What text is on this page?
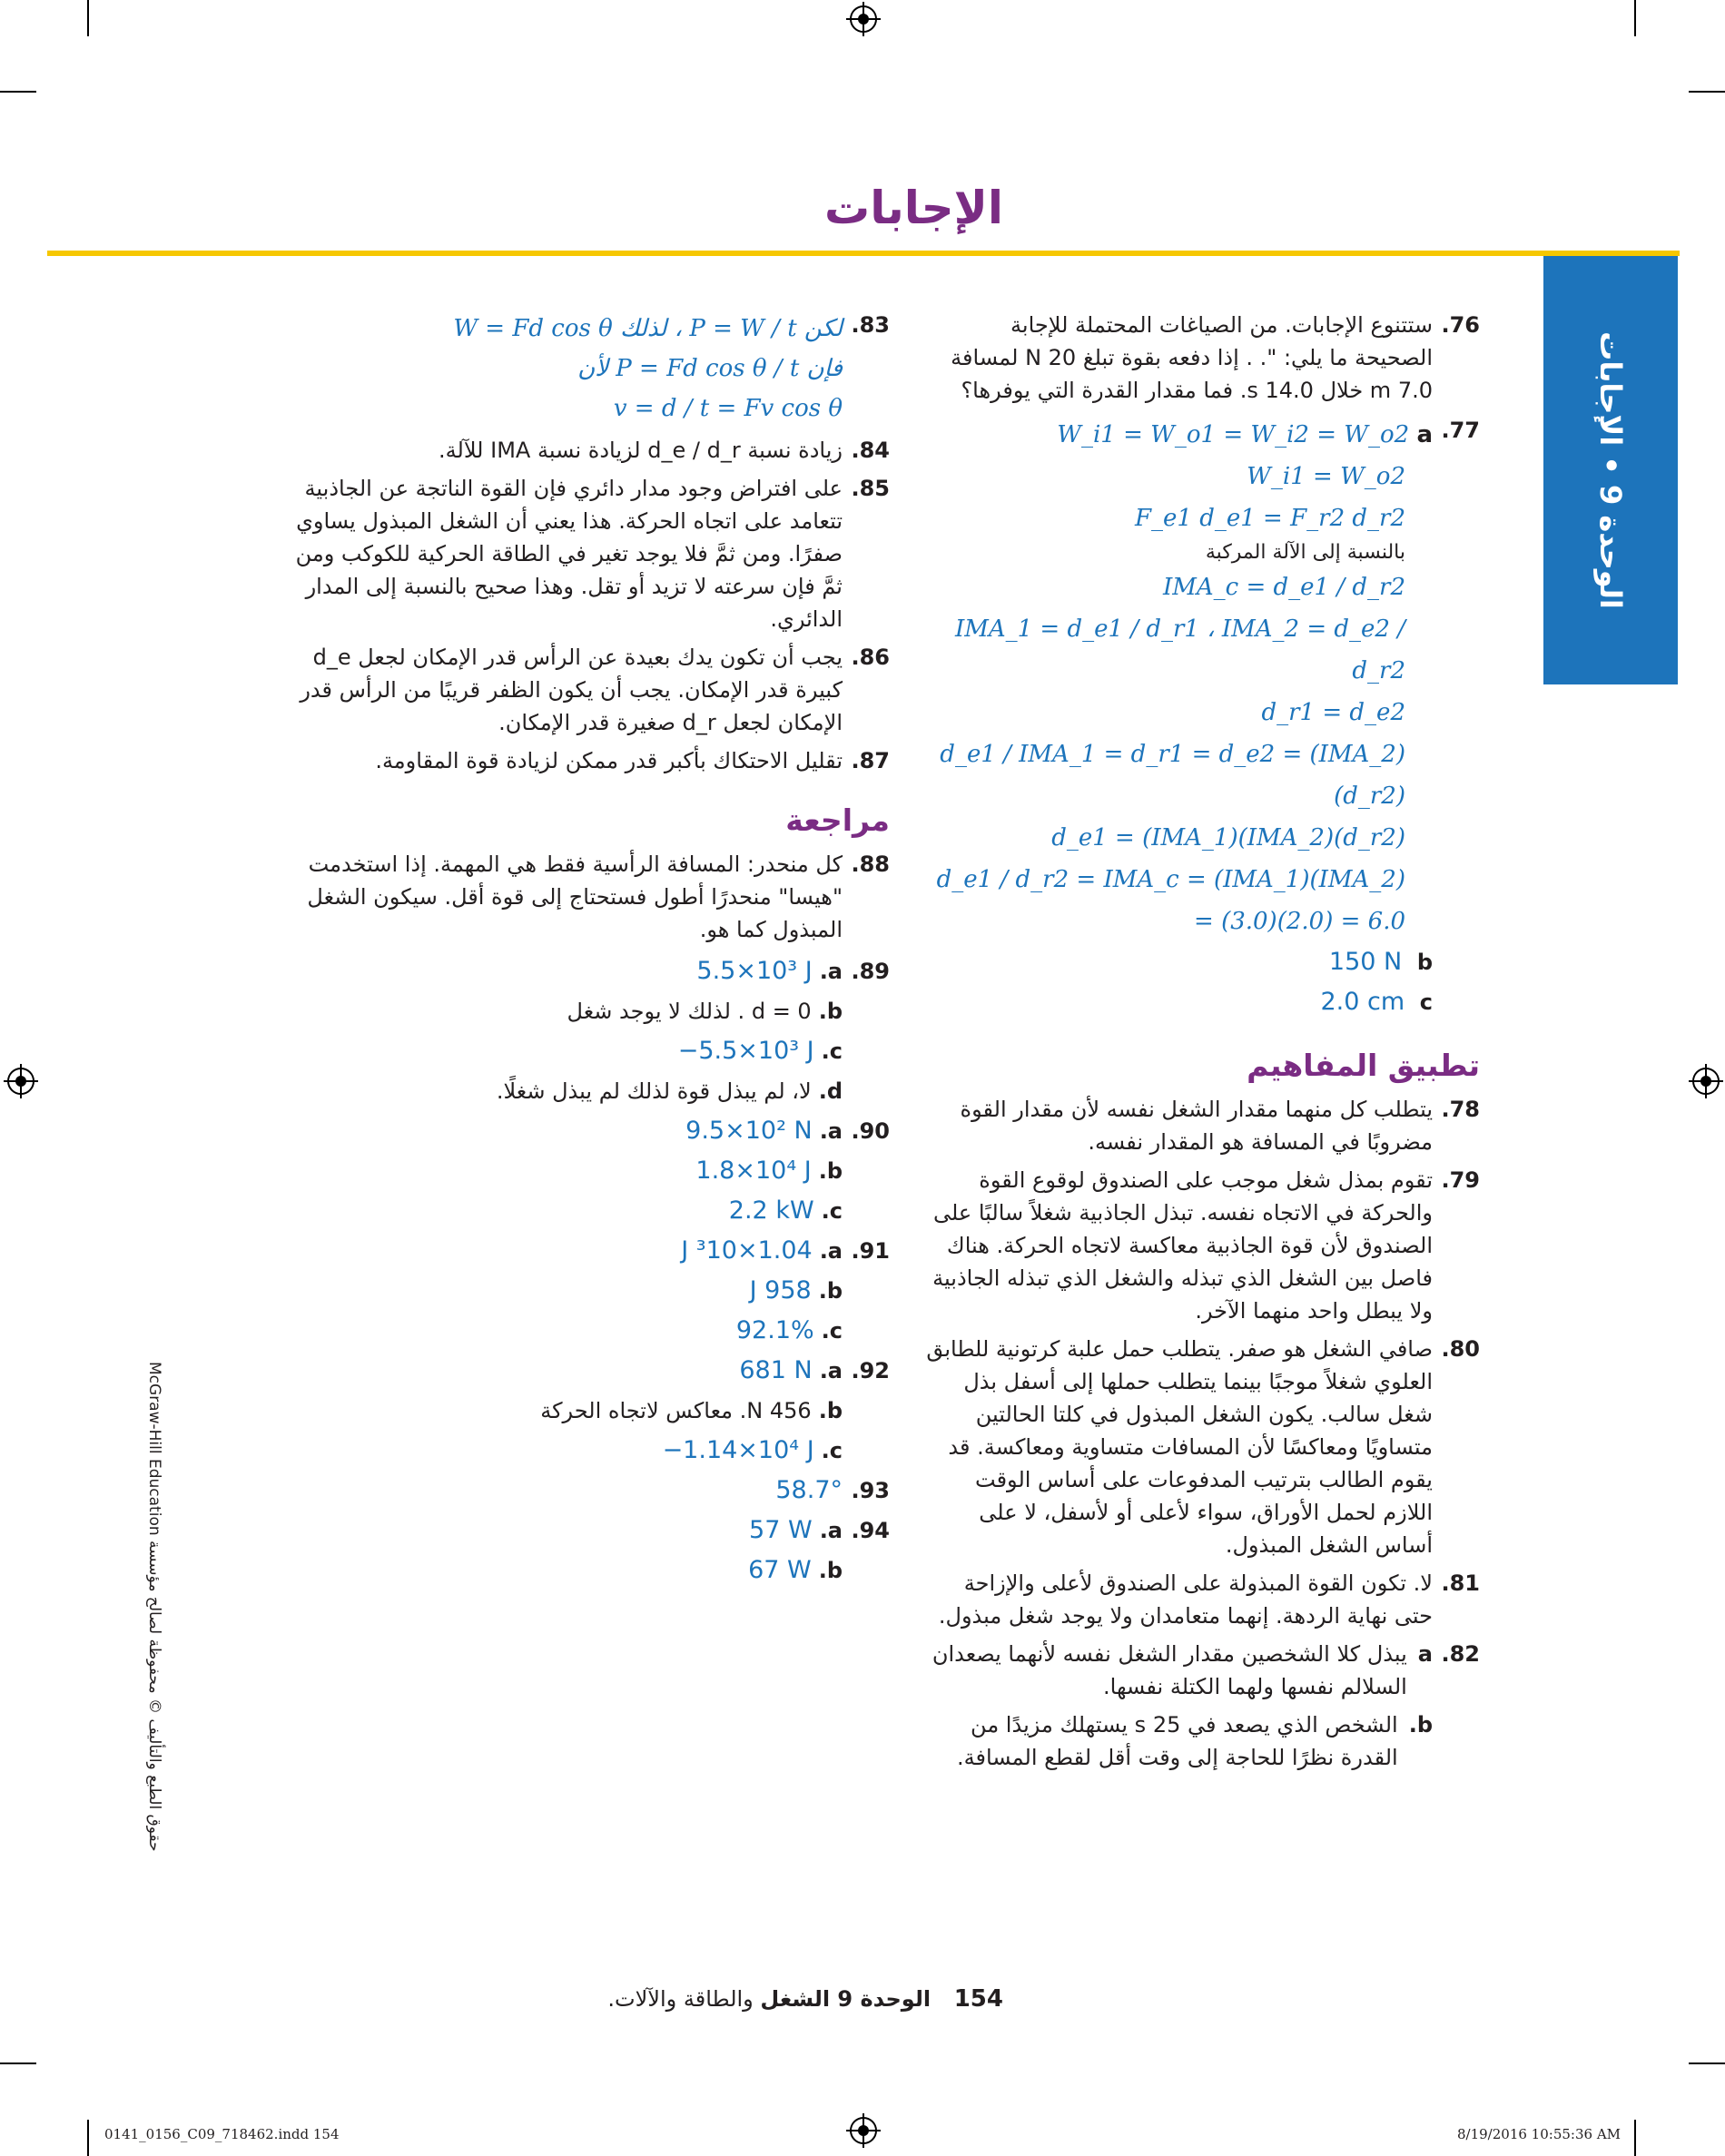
الإجابات
الوحدة 9 • الإجابات
.76
ستتنوع الإجابات. من الصياغات المحتملة للإجابة الصحيحة ما يلي: ". . إذا دفعه بقوة تبلغ 20 N لمسافة 7.0 m خلال 14.0 s. فما مقدار القدرة التي يوفرها؟
.77
W_i1 = W_o1 = W_i2 = W_o2 a
W_i1 = W_o2
F_e1 d_e1 = F_r2 d_r2
بالنسبة إلى الآلة المركبة
IMA_c = d_e1 / d_r2
IMA_1 = d_e1 / d_r1 ، IMA_2 = d_e2 / d_r2
d_r1 = d_e2
d_e1 / IMA_1 = d_r1 = d_e2 = (IMA_2)(d_r2)
d_e1 = (IMA_1)(IMA_2)(d_r2)
d_e1 / d_r2 = IMA_c = (IMA_1)(IMA_2)
= (3.0)(2.0) = 6.0
150 N b
2.0 cm c
تطبيق المفاهيم
.78
يتطلب كل منهما مقدار الشغل نفسه لأن مقدار القوة مضروبًا في المسافة هو المقدار نفسه.
.79
تقوم بمذل شغل موجب على الصندوق لوقوع القوة والحركة في الاتجاه نفسه. تبذل الجاذبية شغلاً سالبًا على الصندوق لأن قوة الجاذبية معاكسة لاتجاه الحركة. هناك فاصل بين الشغل الذي تبذله والشغل الذي تبذله الجاذبية ولا يبطل واحد منهما الآخر.
.80
صافي الشغل هو صفر. يتطلب حمل علبة كرتونية للطابق العلوي شغلاً موجبًا بينما يتطلب حملها إلى أسفل بذل شغل سالب. يكون الشغل المبذول في كلتا الحالتين متساويًا ومعاكسًا لأن المسافات متساوية ومعاكسة. قد يقوم الطالب بترتيب المدفوعات على أساس الوقت اللازم لحمل الأوراق، سواء لأعلى أو لأسفل، لا على أساس الشغل المبذول.
.81
لا. تكون القوة المبذولة على الصندوق لأعلى والإزاحة حتى نهاية الردهة. إنهما متعامدان ولا يوجد شغل مبذول.
.82
a
يبذل كلا الشخصين مقدار الشغل نفسه لأنهما يصعدان السلالم نفسها ولهما الكتلة نفسها.
b.
الشخص الذي يصعد في 25 s يستهلك مزيدًا من القدرة نظرًا للحاجة إلى وقت أقل لقطع المسافة.
.83
لكن P = W / t ، لذلك W = Fd cos θ
فإن P = Fd cos θ / t لأن
v = d / t = Fv cos θ
.84
زيادة نسبة d_e / d_r لزيادة نسبة IMA للآلة.
.85
على افتراض وجود مدار دائري فإن القوة الناتجة عن الجاذبية تتعامد على اتجاه الحركة. هذا يعني أن الشغل المبذول يساوي صفرًا. ومن ثمَّ فلا يوجد تغير في الطاقة الحركية للكوكب ومن ثمَّ فإن سرعته لا تزيد أو تقل. وهذا صحيح بالنسبة إلى المدار الدائري.
.86
يجب أن تكون يدك بعيدة عن الرأس قدر الإمكان لجعل d_e كبيرة قدر الإمكان. يجب أن يكون الظفر قريبًا من الرأس قدر الإمكان لجعل d_r صغيرة قدر الإمكان.
.87
تقليل الاحتكاك بأكبر قدر ممكن لزيادة قوة المقاومة.
مراجعة
.88
كل منحدر: المسافة الرأسية فقط هي المهمة. إذا استخدمت "هيسا" منحدرًا أطول فستحتاج إلى قوة أقل. سيكون الشغل المبذول كما هو.
5.5×10³ J .a .89
d = 0 . لذلك لا يوجد شغل .b
−5.5×10³ J .c
لا، لم يبذل قوة لذلك لم يبذل شغلًا. .d
9.5×10² N .a .90
1.8×10⁴ J .b
2.2 kW .c
J ³10×1.04 .a .91
J 958 .b
92.1% .c
681 N .a .92
456 N. معاكس لاتجاه الحركة .b
−1.14×10⁴ J .c
58.7° .93
57 W .a .94
67 W .b
154 الوحدة 9 الشغل والطاقة والآلات.
McGraw-Hill Education حقوق الطبع والتأليف © محفوظة لصالح مؤسسة
0141_0156_C09_718462.indd 154	8/19/2016 10:55:36 AM
